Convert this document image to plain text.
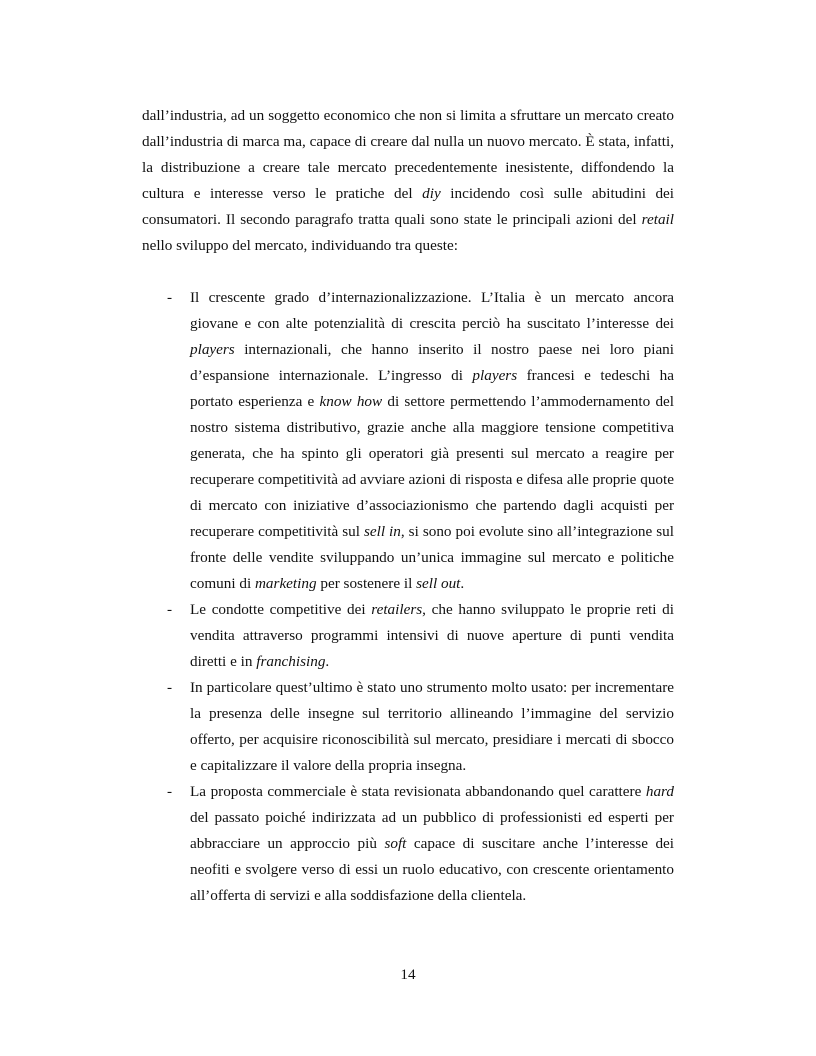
dall’industria, ad un soggetto economico che non si limita a sfruttare un mercato creato dall’industria di marca ma, capace di creare dal nulla un nuovo mercato. È stata, infatti, la distribuzione a creare tale mercato precedentemente inesistente, diffondendo la cultura e interesse verso le pratiche del diy incidendo così sulle abitudini dei consumatori. Il secondo paragrafo tratta quali sono state le principali azioni del retail nello sviluppo del mercato, individuando tra queste:

- Il crescente grado d’internazionalizzazione. L’Italia è un mercato ancora giovane e con alte potenzialità di crescita perciò ha suscitato l’interesse dei players internazionali, che hanno inserito il nostro paese nei loro piani d’espansione internazionale. L’ingresso di players francesi e tedeschi ha portato esperienza e know how di settore permettendo l’ammodernamento del nostro sistema distributivo, grazie anche alla maggiore tensione competitiva generata, che ha spinto gli operatori già presenti sul mercato a reagire per recuperare competitività ad avviare azioni di risposta e difesa alle proprie quote di mercato con iniziative d’associazionismo che partendo dagli acquisti per recuperare competitività sul sell in, si sono poi evolute sino all’integrazione sul fronte delle vendite sviluppando un’unica immagine sul mercato e politiche comuni di marketing per sostenere il sell out.
- Le condotte competitive dei retailers, che hanno sviluppato le proprie reti di vendita attraverso programmi intensivi di nuove aperture di punti vendita diretti e in franchising.
- In particolare quest’ultimo è stato uno strumento molto usato: per incrementare la presenza delle insegne sul territorio allineando l’immagine del servizio offerto, per acquisire riconoscibilità sul mercato, presidiare i mercati di sbocco e capitalizzare il valore della propria insegna.
- La proposta commerciale è stata revisionata abbandonando quel carattere hard del passato poiché indirizzata ad un pubblico di professionisti ed esperti per abbracciare un approccio più soft capace di suscitare anche l’interesse dei neofiti e svolgere verso di essi un ruolo educativo, con crescente orientamento all’offerta di servizi e alla soddisfazione della clientela.
14
